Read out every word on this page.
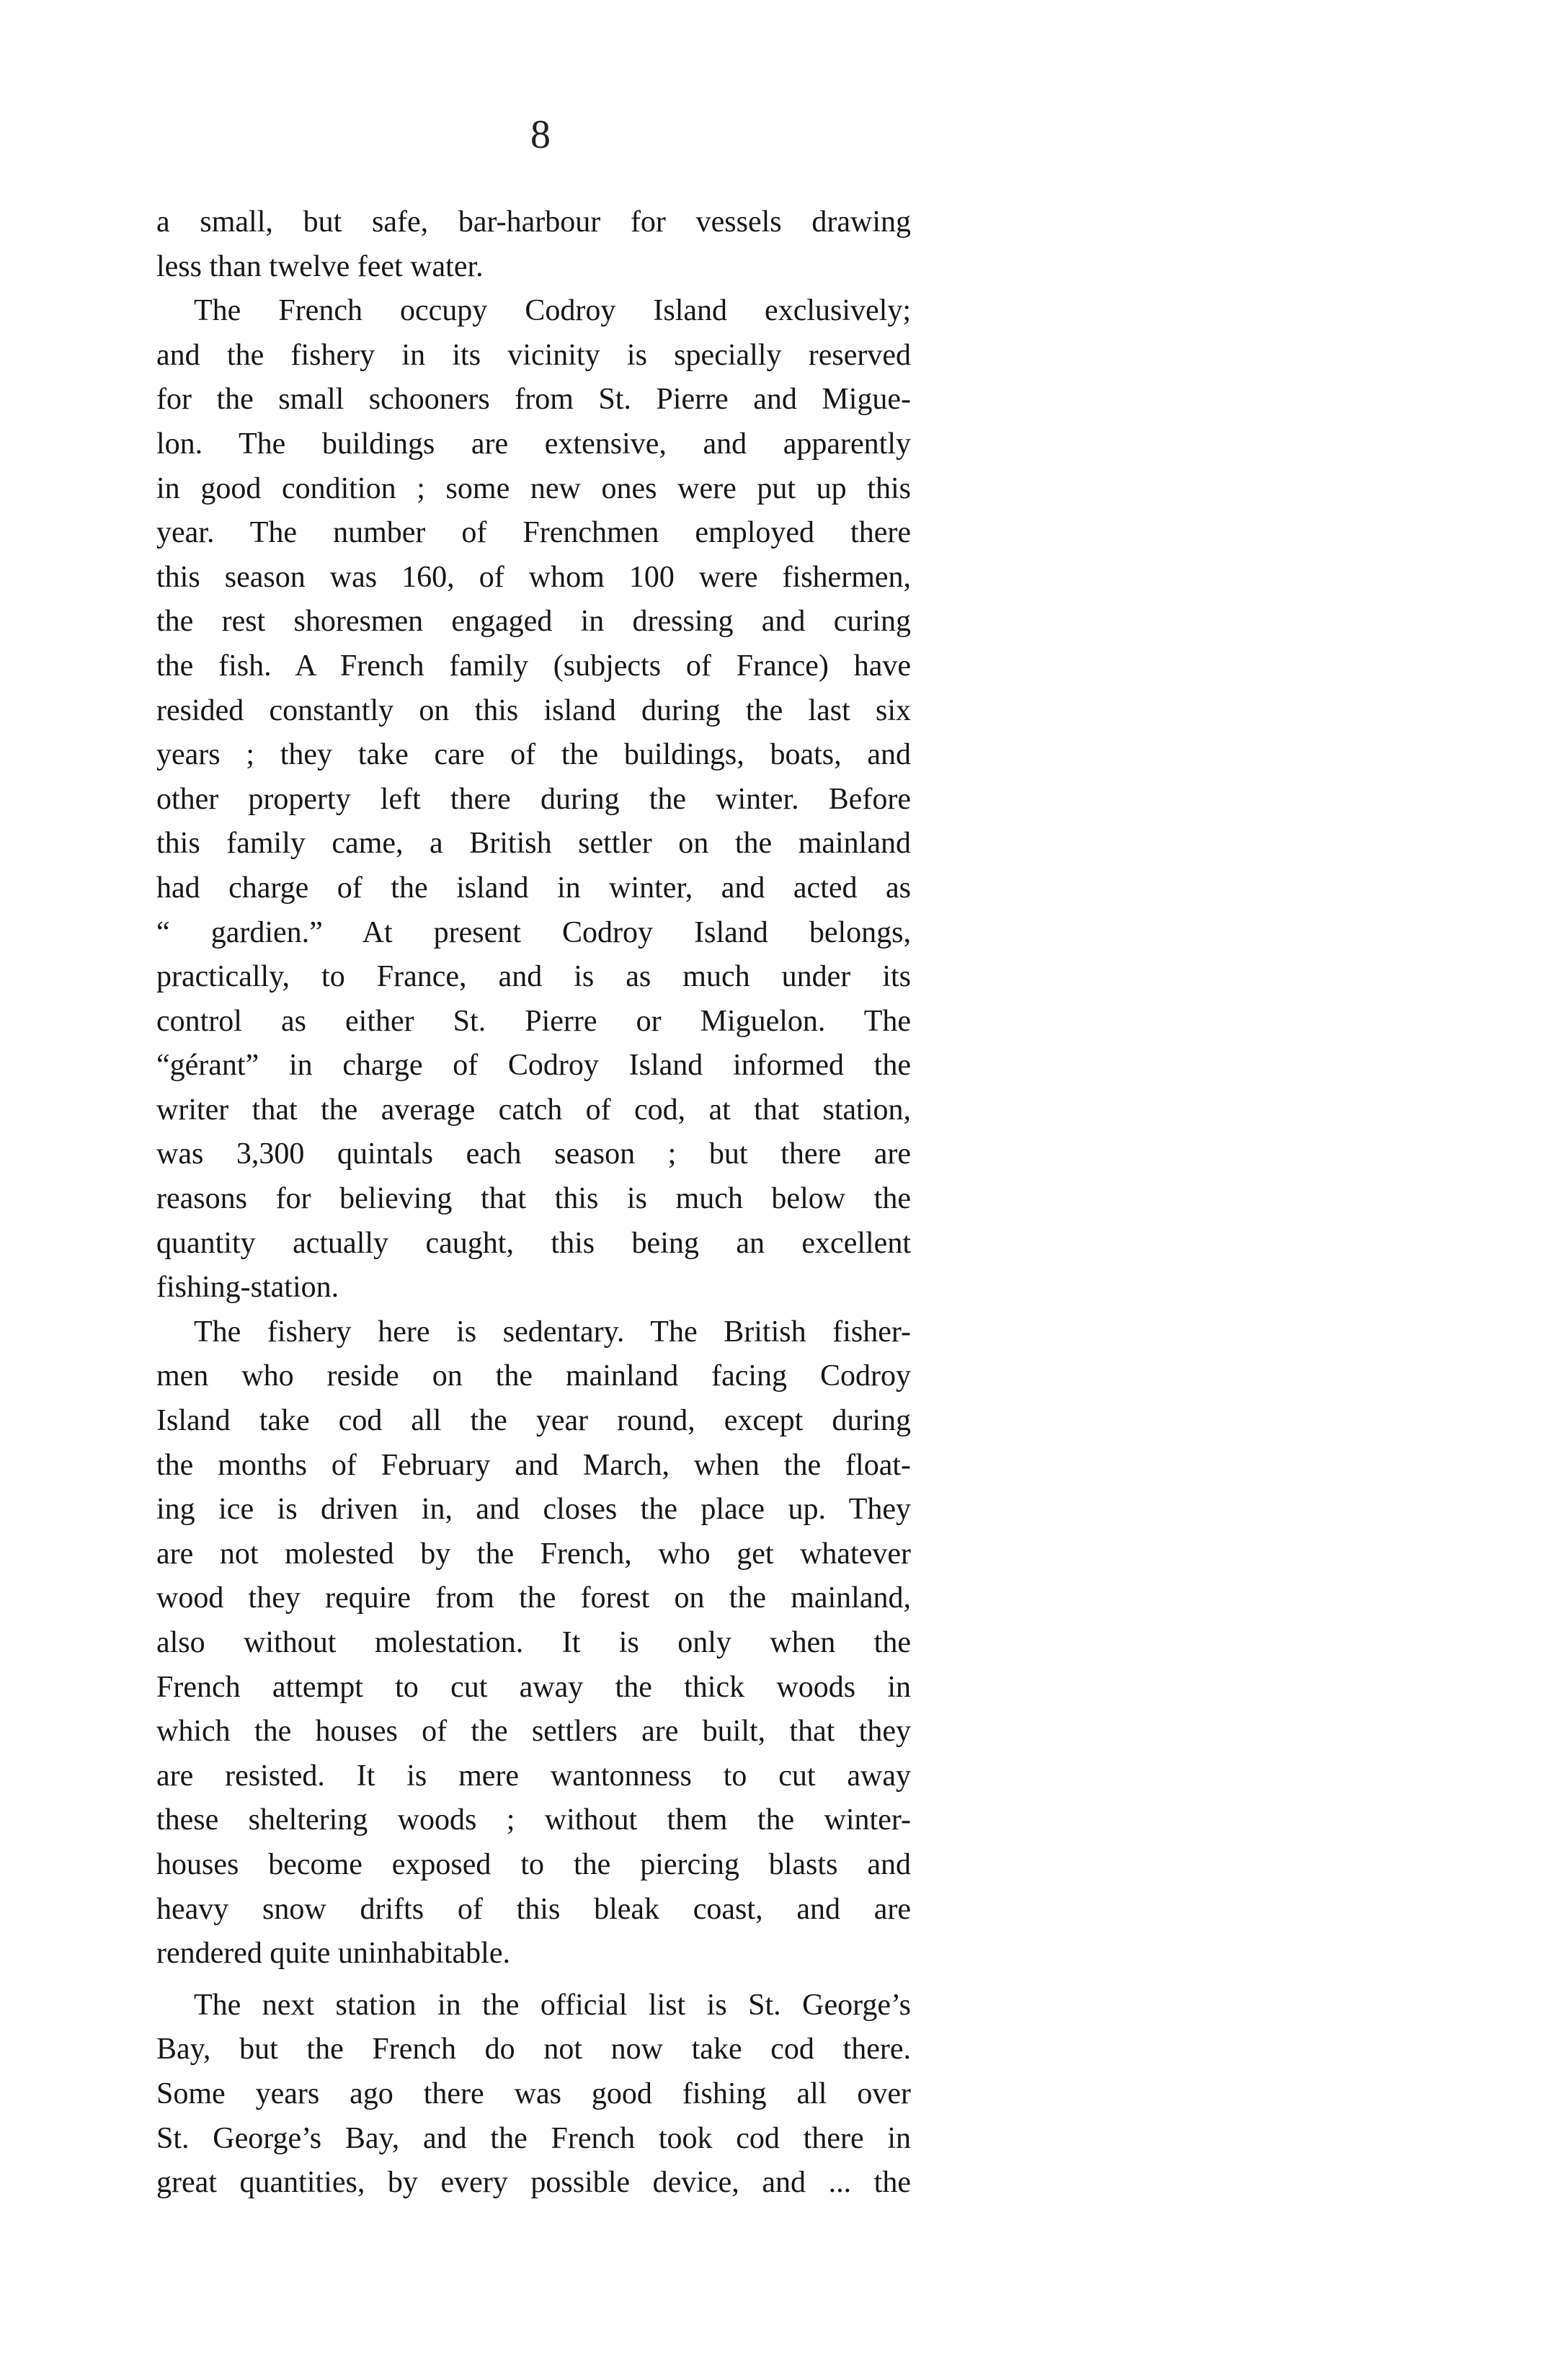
8
a small, but safe, bar-harbour for vessels drawing
less than twelve feet water.
The French occupy Codroy Island exclusively;
and the fishery in its vicinity is specially reserved
for the small schooners from St. Pierre and Migue-
lon. The buildings are extensive, and apparently
in good condition ; some new ones were put up this
year. The number of Frenchmen employed there
this season was 160, of whom 100 were fishermen,
the rest shoresmen engaged in dressing and curing
the fish. A French family (subjects of France) have
resided constantly on this island during the last six
years ; they take care of the buildings, boats, and
other property left there during the winter. Before
this family came, a British settler on the mainland
had charge of the island in winter, and acted as
“ gardien.” At present Codroy Island belongs,
practically, to France, and is as much under its
control as either St. Pierre or Miguelon. The
“gérant” in charge of Codroy Island informed the
writer that the average catch of cod, at that station,
was 3,300 quintals each season ; but there are
reasons for believing that this is much below the
quantity actually caught, this being an excellent
fishing-station.
The fishery here is sedentary. The British fisher-
men who reside on the mainland facing Codroy
Island take cod all the year round, except during
the months of February and March, when the float-
ing ice is driven in, and closes the place up. They
are not molested by the French, who get whatever
wood they require from the forest on the mainland,
also without molestation. It is only when the
French attempt to cut away the thick woods in
which the houses of the settlers are built, that they
are resisted. It is mere wantonness to cut away
these sheltering woods ; without them the winter-
houses become exposed to the piercing blasts and
heavy snow drifts of this bleak coast, and are
rendered quite uninhabitable.
The next station in the official list is St. George’s
Bay, but the French do not now take cod there.
Some years ago there was good fishing all over
St. George’s Bay, and the French took cod there in
great quantities, by every possible device, and ... the
